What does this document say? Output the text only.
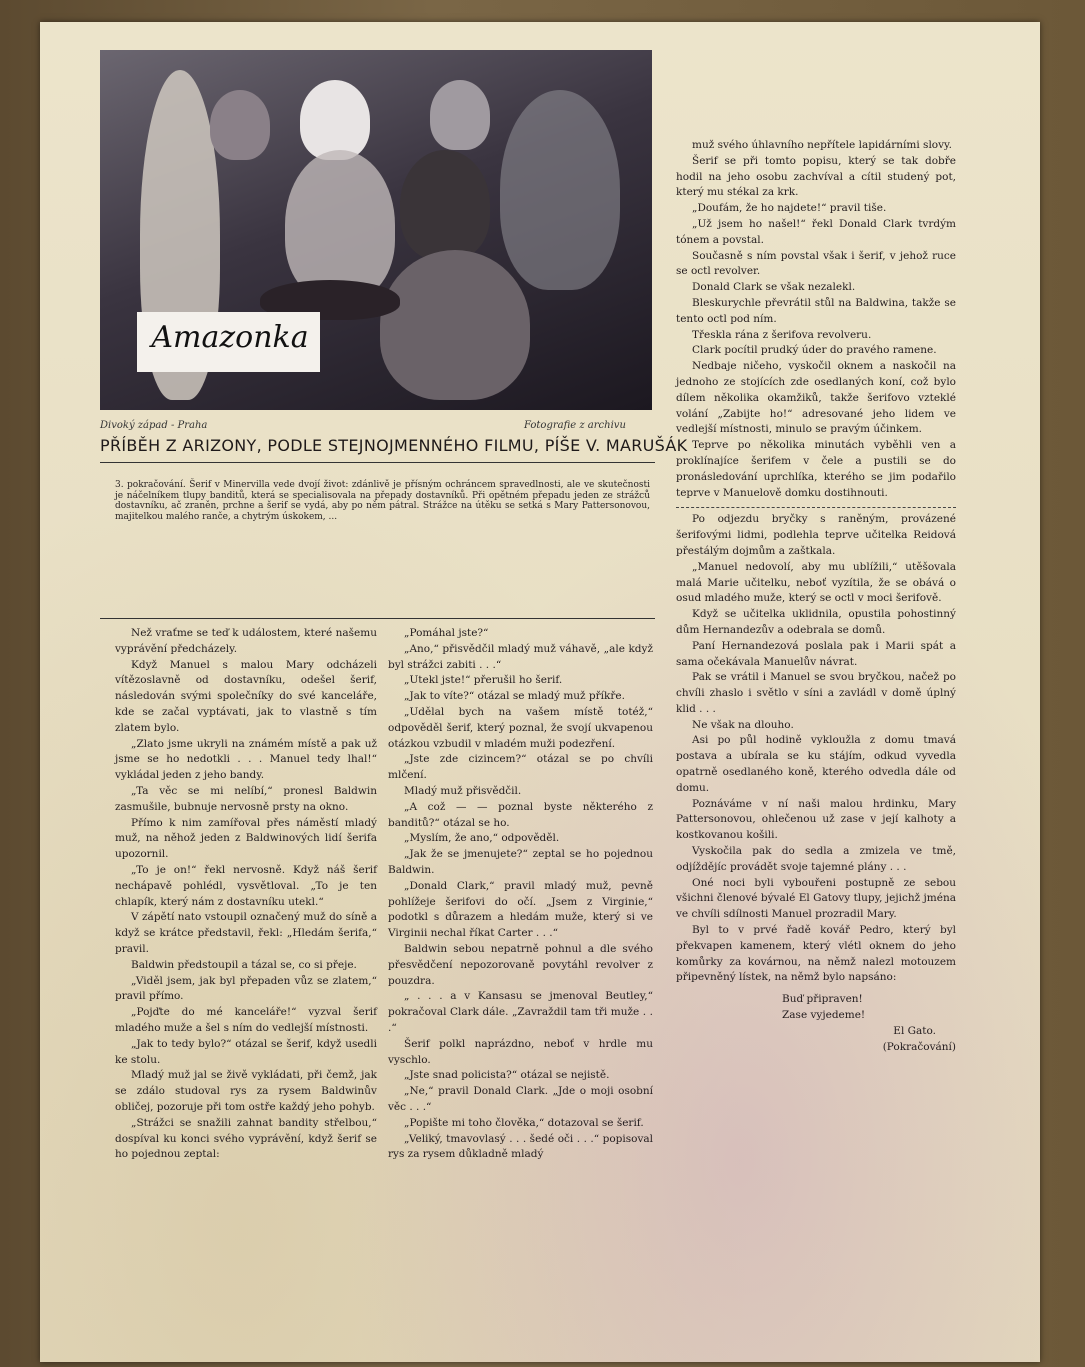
Amazonka
Divoký západ - Praha	Fotografie z archivu
PŘÍBĚH Z ARIZONY, PODLE STEJNOJMENNÉHO FILMU, PÍŠE V. MARUŠÁK

3. pokračování. Šerif v Minervilla vede dvojí život: zdánlivě je přísným ochráncem spravedlnosti, ale ve skutečnosti je náčelníkem tlupy banditů, která se specialisovala na přepady dostavníků. Při opětném přepadu jeden ze strážců dostavníku, ač zraněn, prchne a šerif se vydá, aby po něm pátral. Strážce na útěku se setká s Mary Pattersonovou, majitelkou malého ranče, a chytrým úskokem, ...

Než vraťme se teď k událostem, které našemu vyprávění předcházely.

Když Manuel s malou Mary odcházeli vítězoslavně od dostavníku, odešel šerif, následován svými společníky do své kanceláře, kde se začal vyptávati, jak to vlastně s tím zlatem bylo.

„Zlato jsme ukryli na známém místě a pak už jsme se ho nedotkli . . . Manuel tedy lhal!“ vykládal jeden z jeho bandy.

„Ta věc se mi nelíbí,“ pronesl Baldwin zasmušile, bubnuje nervosně prsty na okno.

Přímo k nim zamířoval přes náměstí mladý muž, na něhož jeden z Baldwinových lidí šerifa upozornil.

„To je on!“ řekl nervosně. Když náš šerif nechápavě pohlédl, vysvětloval. „To je ten chlapík, který nám z dostavníku utekl.“

V zápětí nato vstoupil označený muž do síně a když se krátce představil, řekl: „Hledám šerifa,“ pravil.

Baldwin předstoupil a tázal se, co si přeje.

„Viděl jsem, jak byl přepaden vůz se zlatem,“ pravil přímo.

„Pojďte do mé kanceláře!“ vyzval šerif mladého muže a šel s ním do vedlejší místnosti.

„Jak to tedy bylo?“ otázal se šerif, když usedli ke stolu.

Mladý muž jal se živě vykládati, při čemž, jak se zdálo studoval rys za rysem Baldwinův obličej, pozoruje při tom ostře každý jeho pohyb.

„Strážci se snažili zahnat bandity střelbou,“ dospíval ku konci svého vyprávění, když šerif se ho pojednou zeptal:

„Pomáhal jste?“

„Ano,“ přisvědčil mladý muž váhavě, „ale když byl strážci zabiti . . .“

„Utekl jste!“ přerušil ho šerif.

„Jak to víte?“ otázal se mladý muž příkře.

„Udělal bych na vašem místě totéž,“ odpověděl šerif, který poznal, že svojí ukvapenou otázkou vzbudil v mladém muži podezření.

„Jste zde cizincem?“ otázal se po chvíli mlčení.

Mladý muž přisvědčil.

„A což — — poznal byste některého z banditů?“ otázal se ho.

„Myslím, že ano,“ odpověděl.

„Jak že se jmenujete?“ zeptal se ho pojednou Baldwin.

„Donald Clark,“ pravil mladý muž, pevně pohlížeje šerifovi do očí. „Jsem z Virginie,“ podotkl s důrazem a hledám muže, který si ve Virginii nechal říkat Carter . . .“

Baldwin sebou nepatrně pohnul a dle svého přesvědčení nepozorovaně povytáhl revolver z pouzdra.

„ . . . a v Kansasu se jmenoval Beutley,“ pokračoval Clark dále. „Zavraždil tam tři muže . . .“

Šerif polkl naprázdno, neboť v hrdle mu vyschlo.

„Jste snad policista?“ otázal se nejistě.

„Ne,“ pravil Donald Clark. „Jde o moji osobní věc . . .“

„Popište mi toho člověka,“ dotazoval se šerif.

„Veliký, tmavovlasý . . . šedé oči . . .“ popisoval rys za rysem důkladně mladý

muž svého úhlavního nepřítele lapidárními slovy.

Šerif se při tomto popisu, který se tak dobře hodil na jeho osobu zachvíval a cítil studený pot, který mu stékal za krk.

„Doufám, že ho najdete!“ pravil tiše.

„Už jsem ho našel!“ řekl Donald Clark tvrdým tónem a povstal.

Současně s ním povstal však i šerif, v jehož ruce se octl revolver.

Donald Clark se však nezalekl.

Bleskurychle převrátil stůl na Baldwina, takže se tento octl pod ním.

Třeskla rána z šerifova revolveru.

Clark pocítil prudký úder do pravého ramene.

Nedbaje ničeho, vyskočil oknem a naskočil na jednoho ze stojících zde osedlaných koní, což bylo dílem několika okamžiků, takže šerifovo vzteklé volání „Zabijte ho!“ adresované jeho lidem ve vedlejší místnosti, minulo se pravým účinkem.

Teprve po několika minutách vyběhli ven a proklínajíce šerifem v čele a pustili se do pronásledování uprchlíka, kterého se jim podařilo teprve v Manuelově domku dostihnouti.

Po odjezdu bryčky s raněným, provázené šerifovými lidmi, podlehla teprve učitelka Reidová přestálým dojmům a zaštkala.

„Manuel nedovolí, aby mu ublížili,“ utěšovala malá Marie učitelku, neboť vyzítila, že se obává o osud mladého muže, který se octl v moci šerifově.

Když se učitelka uklidnila, opustila pohostinný dům Hernandezův a odebrala se domů.

Paní Hernandezová poslala pak i Marii spát a sama očekávala Manuelův návrat.

Pak se vrátil i Manuel se svou bryčkou, načež po chvíli zhaslo i světlo v síni a zavládl v domě úplný klid . . .

Ne však na dlouho.

Asi po půl hodině vykloužla z domu tmavá postava a ubírala se ku stájím, odkud vyvedla opatrně osedlaného koně, kterého odvedla dále od domu.

Poznáváme v ní naši malou hrdinku, Mary Pattersonovou, ohlečenou už zase v její kalhoty a kostkovanou košili.

Vyskočila pak do sedla a zmizela ve tmě, odjíždějíc provádět svoje tajemné plány . . .

Oné noci byli vybouřeni postupně ze sebou všichni členové bývalé El Gatovy tlupy, jejichž jména ve chvíli sdílnosti Manuel prozradil Mary.

Byl to v prvé řadě kovář Pedro, který byl překvapen kamenem, který vlétl oknem do jeho komůrky za kovárnou, na němž nalezl motouzem připevněný lístek, na němž bylo napsáno:

Buď připraven!

Zase vyjedeme!

El Gato.

(Pokračování)
